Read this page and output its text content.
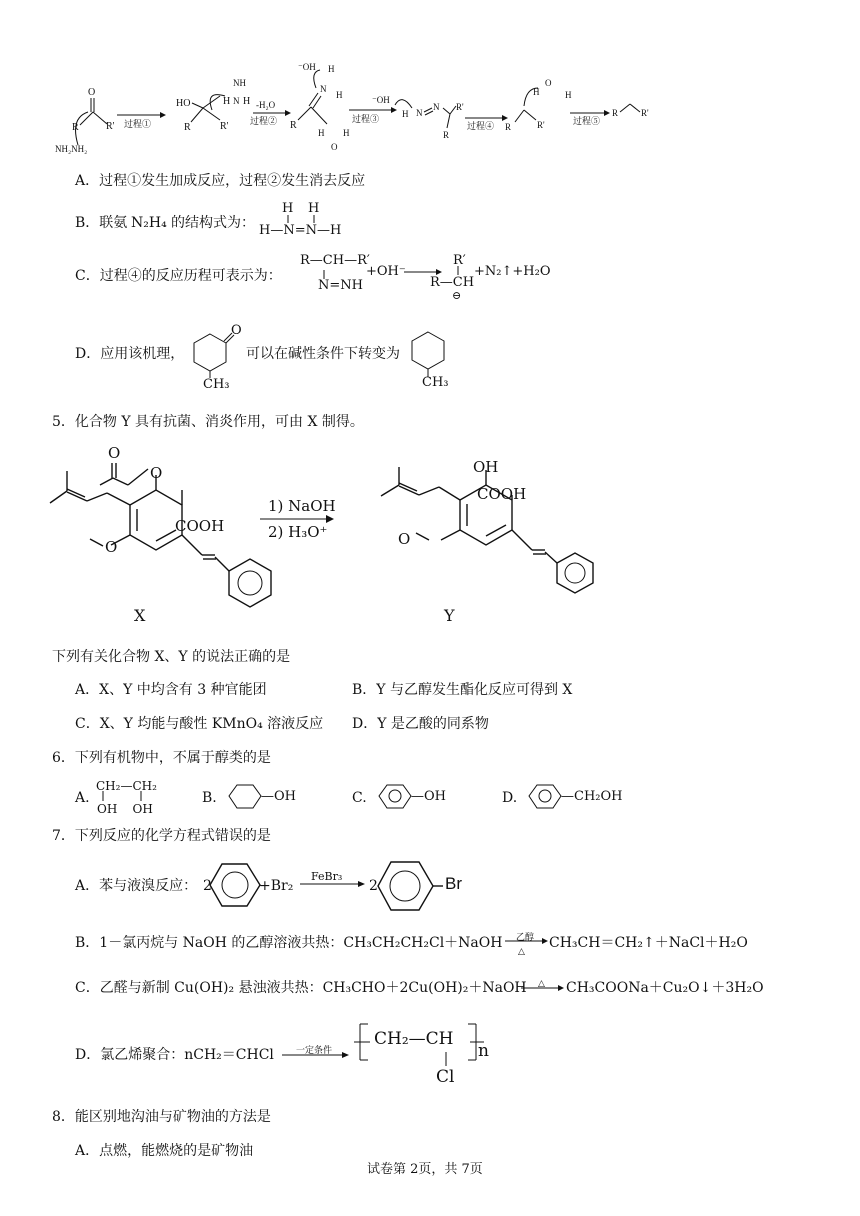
O
R	R'
NH₂NH₂
过程①
HO
R	R'
H N H
NH
-H₂O
过程②
⁻OH
N
H
H
R
H H
O
过程③
⁻OH
H N
N R'
R
过程④ R	R'
H
O
H
过程⑤
R	R'
A．过程①发生加成反应，过程②发生消去反应
B．联氨 N₂H₄ 的结构式为：
H H
H—N=N—H
C．过程④的反应历程可表示为：
R—CH—R′
N=NH
+OH⁻
R′
R—CH
⊖
+N₂↑+H₂O
D．应用该机理，
O
CH₃
可以在碱性条件下转变为
CH₃
5．化合物 Y 具有抗菌、消炎作用，可由 X 制得。
O
O
COOH
O
X
1) NaOH
2) H₃O⁺
OH
COOH
O
Y
下列有关化合物 X、Y 的说法正确的是
A．X、Y 中均含有 3 种官能团	B．Y 与乙醇发生酯化反应可得到 X
C．X、Y 均能与酸性 KMnO₄ 溶液反应 D．Y 是乙酸的同系物
6．下列有机物中，不属于醇类的是
A.
CH₂—CH₂
OH    OH
B.	—OH	C.	—OH	D.	—CH₂OH
7．下列反应的化学方程式错误的是
A．苯与液溴反应： 2	+Br₂
FeBr₃
2	Br
B．1－氯丙烷与 NaOH 的乙醇溶液共热：CH₃CH₂CH₂Cl＋NaOH 乙醇
△
CH₃CH＝CH₂↑＋NaCl＋H₂O
C．乙醛与新制 Cu(OH)₂ 悬浊液共热：CH₃CHO＋2Cu(OH)₂＋NaOH △ CH₃COONa＋Cu₂O↓＋3H₂O
D．氯乙烯聚合：nCH₂＝CHCl 一定条件
CH₂—CH
n
Cl
8．能区别地沟油与矿物油的方法是
A．点燃，能燃烧的是矿物油
试卷第 2页，共 7页
